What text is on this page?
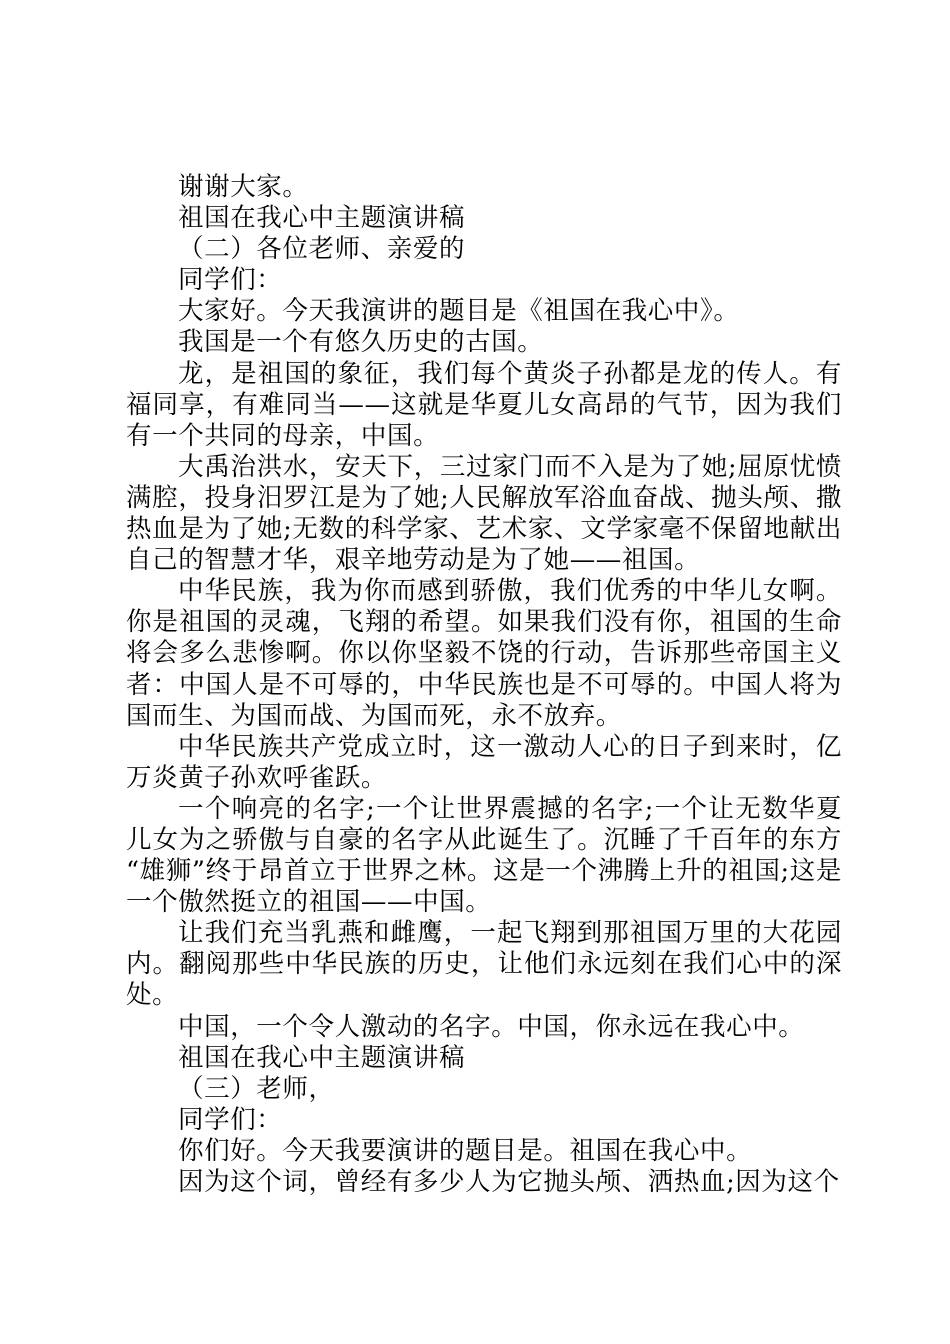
谢谢大家。

祖国在我心中主题演讲稿

（二）各位老师、亲爱的

同学们：

大家好。今天我演讲的题目是《祖国在我心中》。

我国是一个有悠久历史的古国。

龙，是祖国的象征，我们每个黄炎子孙都是龙的传人。有福同享，有难同当——这就是华夏儿女高昂的气节，因为我们有一个共同的母亲，中国。

大禹治洪水，安天下，三过家门而不入是为了她;屈原忧愤满腔，投身汨罗江是为了她;人民解放军浴血奋战、抛头颅、撒热血是为了她;无数的科学家、艺术家、文学家毫不保留地献出自己的智慧才华，艰辛地劳动是为了她——祖国。

中华民族，我为你而感到骄傲，我们优秀的中华儿女啊。你是祖国的灵魂，飞翔的希望。如果我们没有你，祖国的生命将会多么悲惨啊。你以你坚毅不饶的行动，告诉那些帝国主义者：中国人是不可辱的，中华民族也是不可辱的。中国人将为国而生、为国而战、为国而死，永不放弃。

中华民族共产党成立时，这一激动人心的日子到来时，亿万炎黄子孙欢呼雀跃。

一个响亮的名字;一个让世界震撼的名字;一个让无数华夏儿女为之骄傲与自豪的名字从此诞生了。沉睡了千百年的东方“雄狮”终于昂首立于世界之林。这是一个沸腾上升的祖国;这是一个傲然挺立的祖国——中国。

让我们充当乳燕和雌鹰，一起飞翔到那祖国万里的大花园内。翻阅那些中华民族的历史，让他们永远刻在我们心中的深处。

中国，一个令人激动的名字。中国，你永远在我心中。

祖国在我心中主题演讲稿

（三）老师，

同学们：

你们好。今天我要演讲的题目是。祖国在我心中。

因为这个词，曾经有多少人为它抛头颅、洒热血;因为这个
